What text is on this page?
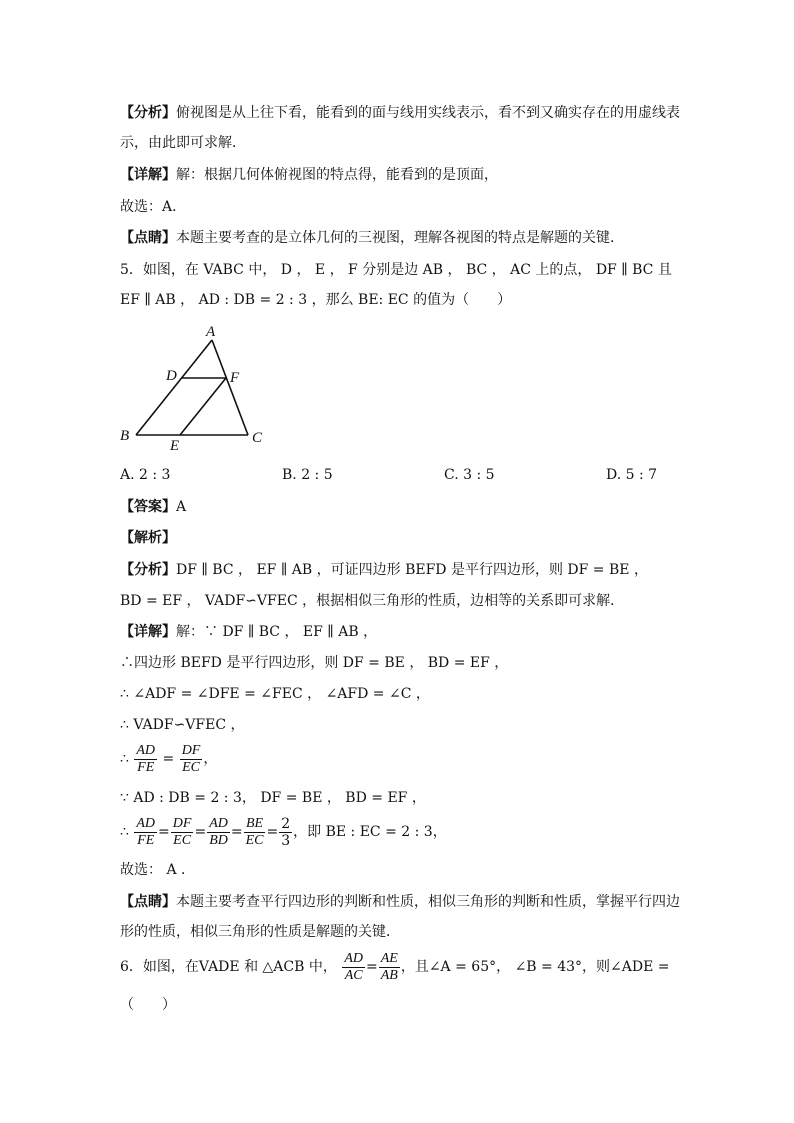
【分析】俯视图是从上往下看，能看到的面与线用实线表示，看不到又确实存在的用虚线表
示，由此即可求解．
【详解】解：根据几何体俯视图的特点得，能看到的是顶面，
故选：A．
【点睛】本题主要考查的是立体几何的三视图，理解各视图的特点是解题的关键．
5．如图，在 VABC 中， D ， E ， F 分别是边 AB ， BC ， AC 上的点， DF ∥ BC 且
EF ∥ AB ， AD : DB = 2 : 3 ，那么 BE: EC 的值为（　　）
A
D	F
B
E	C
A. 2 : 3	B. 2 : 5	C. 3 : 5	D. 5 : 7
【答案】A
【解析】
【分析】DF ∥ BC ， EF ∥ AB ，可证四边形 BEFD 是平行四边形，则 DF = BE ，
BD = EF ， VADF∽VFEC ，根据相似三角形的性质，边相等的关系即可求解．
【详解】解：∵ DF ∥ BC ， EF ∥ AB ，
∴四边形 BEFD 是平行四边形，则 DF = BE ， BD = EF ，
∴ ∠ADF = ∠DFE = ∠FEC ， ∠AFD = ∠C ，
∴ VADF∽VFEC ，
∴ $\frac{AD}{FE} = \frac{DF}{EC}$ ，
∵ AD : DB = 2 : 3， DF = BE ， BD = EF ，
∴ $\frac{AD}{FE} = \frac{DF}{EC} = \frac{AD}{BD} = \frac{BE}{EC} = \frac{2}{3}$ ，即 BE : EC = 2 : 3，
故选： A ．
【点睛】本题主要考查平行四边形的判断和性质，相似三角形的判断和性质，掌握平行四边
形的性质，相似三角形的性质是解题的关键．
6．如图，在VADE 和 △ACB 中， $\frac{AD}{AC} = \frac{AE}{AB}$ ，且∠A = 65°， ∠B = 43°，则∠ADE =
（　　）
